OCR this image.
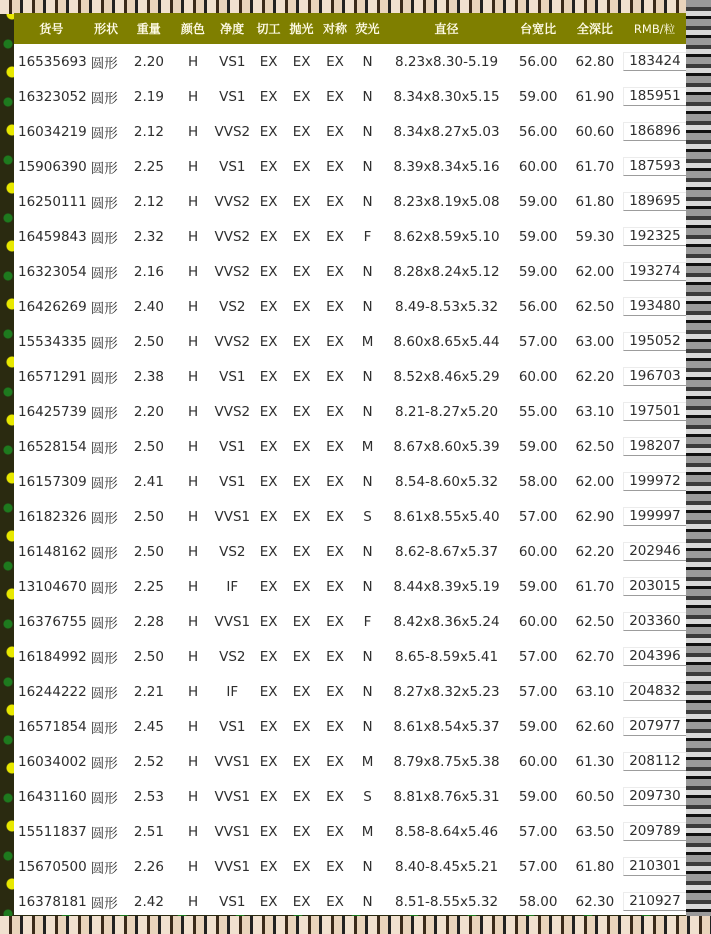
货号	形状	重量	颜色	净度	切工 抛光 对称 荧光	直径	台宽比	全深比	RMB/粒
16535693 圆形	2.20	H	VS1	EX	EX	EX	N	8.23x8.30-5.19	56.00	62.80	183424
16323052 圆形	2.19	H	VS1	EX	EX	EX	N	8.34x8.30x5.15	59.00	61.90	185951
16034219 圆形	2.12	H	VVS2 EX	EX	EX	N	8.34x8.27x5.03	56.00	60.60	186896
15906390 圆形	2.25	H	VS1	EX	EX	EX	N	8.39x8.34x5.16	60.00	61.70	187593
16250111 圆形	2.12	H	VVS2 EX	EX	EX	N	8.23x8.19x5.08	59.00	61.80	189695
16459843 圆形	2.32	H	VVS2 EX	EX	EX	F	8.62x8.59x5.10	59.00	59.30	192325
16323054 圆形	2.16	H	VVS2 EX	EX	EX	N	8.28x8.24x5.12	59.00	62.00	193274
16426269 圆形	2.40	H	VS2	EX	EX	EX	N	8.49-8.53x5.32	56.00	62.50	193480
15534335 圆形	2.50	H	VVS2 EX	EX	EX	M	8.60x8.65x5.44	57.00	63.00	195052
16571291 圆形	2.38	H	VS1	EX	EX	EX	N	8.52x8.46x5.29	60.00	62.20	196703
16425739 圆形	2.20	H	VVS2 EX	EX	EX	N	8.21-8.27x5.20	55.00	63.10	197501
16528154 圆形	2.50	H	VS1	EX	EX	EX	M	8.67x8.60x5.39	59.00	62.50	198207
16157309 圆形	2.41	H	VS1	EX	EX	EX	N	8.54-8.60x5.32	58.00	62.00	199972
16182326 圆形	2.50	H	VVS1 EX	EX	EX	S	8.61x8.55x5.40	57.00	62.90	199997
16148162 圆形	2.50	H	VS2	EX	EX	EX	N	8.62-8.67x5.37	60.00	62.20	202946
13104670 圆形	2.25	H	IF	EX	EX	EX	N	8.44x8.39x5.19	59.00	61.70	203015
16376755 圆形	2.28	H	VVS1 EX	EX	EX	F	8.42x8.36x5.24	60.00	62.50	203360
16184992 圆形	2.50	H	VS2	EX	EX	EX	N	8.65-8.59x5.41	57.00	62.70	204396
16244222 圆形	2.21	H	IF	EX	EX	EX	N	8.27x8.32x5.23	57.00	63.10	204832
16571854 圆形	2.45	H	VS1	EX	EX	EX	N	8.61x8.54x5.37	59.00	62.60	207977
16034002 圆形	2.52	H	VVS1 EX	EX	EX	M	8.79x8.75x5.38	60.00	61.30	208112
16431160 圆形	2.53	H	VVS1 EX	EX	EX	S	8.81x8.76x5.31	59.00	60.50	209730
15511837 圆形	2.51	H	VVS1 EX	EX	EX	M	8.58-8.64x5.46	57.00	63.50	209789
15670500 圆形	2.26	H	VVS1 EX	EX	EX	N	8.40-8.45x5.21	57.00	61.80	210301
16378181 圆形	2.42	H	VS1	EX	EX	EX	N	8.51-8.55x5.32	58.00	62.30	210927
